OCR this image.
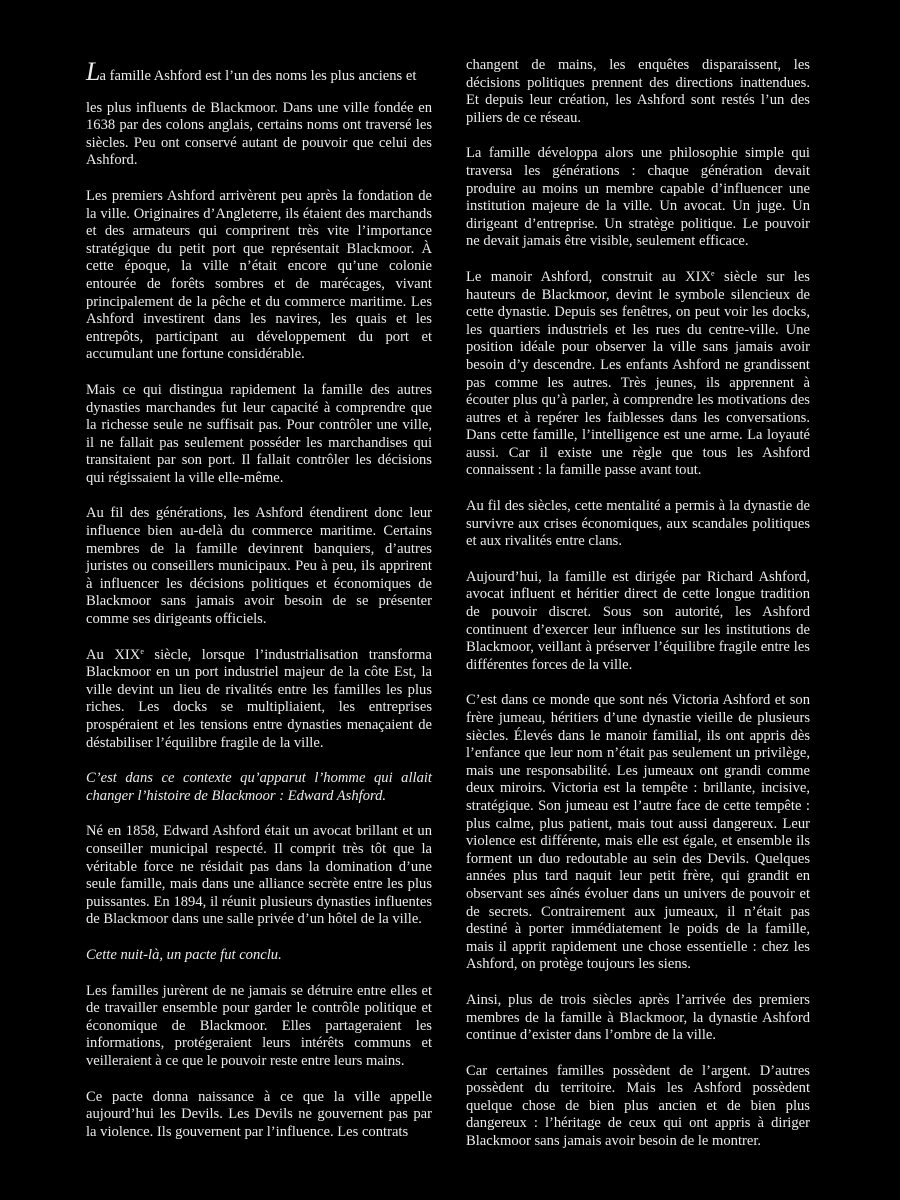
La famille Ashford est l’un des noms les plus anciens et
les plus influents de Blackmoor. Dans une ville fondée en 1638 par des colons anglais, certains noms ont traversé les siècles. Peu ont conservé autant de pouvoir que celui des Ashford.

Les premiers Ashford arrivèrent peu après la fondation de la ville. Originaires d’Angleterre, ils étaient des marchands et des armateurs qui comprirent très vite l’importance stratégique du petit port que représentait Blackmoor. À cette époque, la ville n’était encore qu’une colonie entourée de forêts sombres et de marécages, vivant principalement de la pêche et du commerce maritime. Les Ashford investirent dans les navires, les quais et les entrepôts, participant au développement du port et accumulant une fortune considérable.

Mais ce qui distingua rapidement la famille des autres dynasties marchandes fut leur capacité à comprendre que la richesse seule ne suffisait pas. Pour contrôler une ville, il ne fallait pas seulement posséder les marchandises qui transitaient par son port. Il fallait contrôler les décisions qui régissaient la ville elle-même.

Au fil des générations, les Ashford étendirent donc leur influence bien au-delà du commerce maritime. Certains membres de la famille devinrent banquiers, d’autres juristes ou conseillers municipaux. Peu à peu, ils apprirent à influencer les décisions politiques et économiques de Blackmoor sans jamais avoir besoin de se présenter comme ses dirigeants officiels.

Au XIXe siècle, lorsque l’industrialisation transforma Blackmoor en un port industriel majeur de la côte Est, la ville devint un lieu de rivalités entre les familles les plus riches. Les docks se multipliaient, les entreprises prospéraient et les tensions entre dynasties menaçaient de déstabiliser l’équilibre fragile de la ville.

C’est dans ce contexte qu’apparut l’homme qui allait changer l’histoire de Blackmoor : Edward Ashford.

Né en 1858, Edward Ashford était un avocat brillant et un conseiller municipal respecté. Il comprit très tôt que la véritable force ne résidait pas dans la domination d’une seule famille, mais dans une alliance secrète entre les plus puissantes. En 1894, il réunit plusieurs dynasties influentes de Blackmoor dans une salle privée d’un hôtel de la ville.

Cette nuit-là, un pacte fut conclu.

Les familles jurèrent de ne jamais se détruire entre elles et de travailler ensemble pour garder le contrôle politique et économique de Blackmoor. Elles partageraient les informations, protégeraient leurs intérêts communs et veilleraient à ce que le pouvoir reste entre leurs mains.

Ce pacte donna naissance à ce que la ville appelle aujourd’hui les Devils. Les Devils ne gouvernent pas par la violence. Ils gouvernent par l’influence. Les contrats

changent de mains, les enquêtes disparaissent, les décisions politiques prennent des directions inattendues. Et depuis leur création, les Ashford sont restés l’un des piliers de ce réseau.

La famille développa alors une philosophie simple qui traversa les générations : chaque génération devait produire au moins un membre capable d’influencer une institution majeure de la ville. Un avocat. Un juge. Un dirigeant d’entreprise. Un stratège politique. Le pouvoir ne devait jamais être visible, seulement efficace.

Le manoir Ashford, construit au XIXe siècle sur les hauteurs de Blackmoor, devint le symbole silencieux de cette dynastie. Depuis ses fenêtres, on peut voir les docks, les quartiers industriels et les rues du centre-ville. Une position idéale pour observer la ville sans jamais avoir besoin d’y descendre. Les enfants Ashford ne grandissent pas comme les autres. Très jeunes, ils apprennent à écouter plus qu’à parler, à comprendre les motivations des autres et à repérer les faiblesses dans les conversations. Dans cette famille, l’intelligence est une arme. La loyauté aussi. Car il existe une règle que tous les Ashford connaissent : la famille passe avant tout.

Au fil des siècles, cette mentalité a permis à la dynastie de survivre aux crises économiques, aux scandales politiques et aux rivalités entre clans.

Aujourd’hui, la famille est dirigée par Richard Ashford, avocat influent et héritier direct de cette longue tradition de pouvoir discret. Sous son autorité, les Ashford continuent d’exercer leur influence sur les institutions de Blackmoor, veillant à préserver l’équilibre fragile entre les différentes forces de la ville.

C’est dans ce monde que sont nés Victoria Ashford et son frère jumeau, héritiers d’une dynastie vieille de plusieurs siècles. Élevés dans le manoir familial, ils ont appris dès l’enfance que leur nom n’était pas seulement un privilège, mais une responsabilité. Les jumeaux ont grandi comme deux miroirs. Victoria est la tempête : brillante, incisive, stratégique. Son jumeau est l’autre face de cette tempête : plus calme, plus patient, mais tout aussi dangereux. Leur violence est différente, mais elle est égale, et ensemble ils forment un duo redoutable au sein des Devils. Quelques années plus tard naquit leur petit frère, qui grandit en observant ses aînés évoluer dans un univers de pouvoir et de secrets. Contrairement aux jumeaux, il n’était pas destiné à porter immédiatement le poids de la famille, mais il apprit rapidement une chose essentielle : chez les Ashford, on protège toujours les siens.

Ainsi, plus de trois siècles après l’arrivée des premiers membres de la famille à Blackmoor, la dynastie Ashford continue d’exister dans l’ombre de la ville.

Car certaines familles possèdent de l’argent. D’autres possèdent du territoire. Mais les Ashford possèdent quelque chose de bien plus ancien et de bien plus dangereux : l’héritage de ceux qui ont appris à diriger Blackmoor sans jamais avoir besoin de le montrer.
